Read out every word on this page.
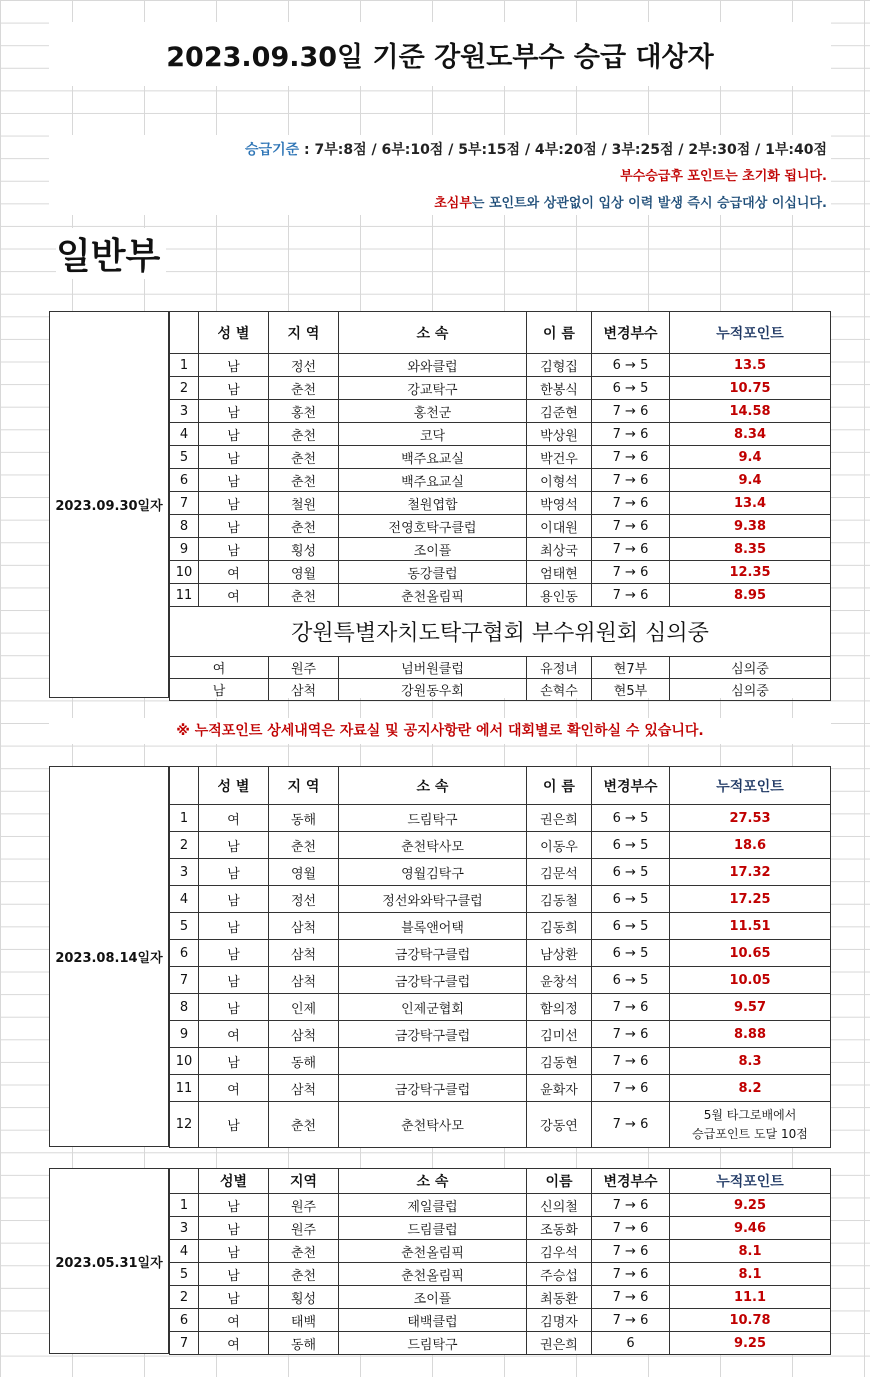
2023.09.30일 기준 강원도부수 승급 대상자
승급기준 : 7부:8점 / 6부:10점 / 5부:15점 / 4부:20점 / 3부:25점 / 2부:30점 / 1부:40점
부수승급후 포인트는 초기화 됩니다.
초심부는 포인트와 상관없이 입상 이력 발생 즉시 승급대상 이십니다.
일반부
2023.09.30일자
	성 별	지 역	소 속	이 름	변경부수	누적포인트
1	남	정선	와와클럽	김형집	6 → 5	13.5
2	남	춘천	강교탁구	한봉식	6 → 5	10.75
3	남	홍천	홍천군	김준현	7 → 6	14.58
4	남	춘천	코닥	박상원	7 → 6	8.34
5	남	춘천	백주요교실	박건우	7 → 6	9.4
6	남	춘천	백주요교실	이형석	7 → 6	9.4
7	남	철원	철원엽합	박영석	7 → 6	13.4
8	남	춘천	전영호탁구클럽	이대원	7 → 6	9.38
9	남	횡성	조이플	최상국	7 → 6	8.35
10	여	영월	동강클럽	엄태현	7 → 6	12.35
11	여	춘천	춘천올림픽	용인동	7 → 6	8.95
강원특별자치도탁구협회 부수위원회 심의중						
여		원주	넘버원클럽	유정녀	현7부	심의중
남		삼척	강원동우회	손혁수	현5부	심의중
※ 누적포인트 상세내역은 자료실 및 공지사항란 에서 대회별로 확인하실 수 있습니다.
2023.08.14일자
	성 별	지 역	소 속	이 름	변경부수	누적포인트
1	여	동해	드림탁구	권은희	6 → 5	27.53
2	남	춘천	춘천탁사모	이동우	6 → 5	18.6
3	남	영월	영월김탁구	김문석	6 → 5	17.32
4	남	정선	정선와와탁구클럽	김동철	6 → 5	17.25
5	남	삼척	블록앤어택	김동희	6 → 5	11.51
6	남	삼척	금강탁구클럽	남상환	6 → 5	10.65
7	남	삼척	금강탁구클럽	윤창석	6 → 5	10.05
8	남	인제	인제군협회	함의정	7 → 6	9.57
9	여	삼척	금강탁구클럽	김미선	7 → 6	8.88
10	남	동해		김동현	7 → 6	8.3
11	여	삼척	금강탁구클럽	윤화자	7 → 6	8.2
12	남	춘천	춘천탁사모	강동연	7 → 6	5월 타그로배에서
승급포인트 도달 10점
2023.05.31일자
	성별	지역	소 속	이름	변경부수	누적포인트
1	남	원주	제일클럽	신의철	7 → 6	9.25
3	남	원주	드림클럽	조동화	7 → 6	9.46
4	남	춘천	춘천올림픽	김우석	7 → 6	8.1
5	남	춘천	춘천올림픽	주승섭	7 → 6	8.1
2	남	횡성	조이플	최동환	7 → 6	11.1
6	여	태백	태백클럽	김명자	7 → 6	10.78
7	여	동해	드림탁구	권은희	6	9.25
